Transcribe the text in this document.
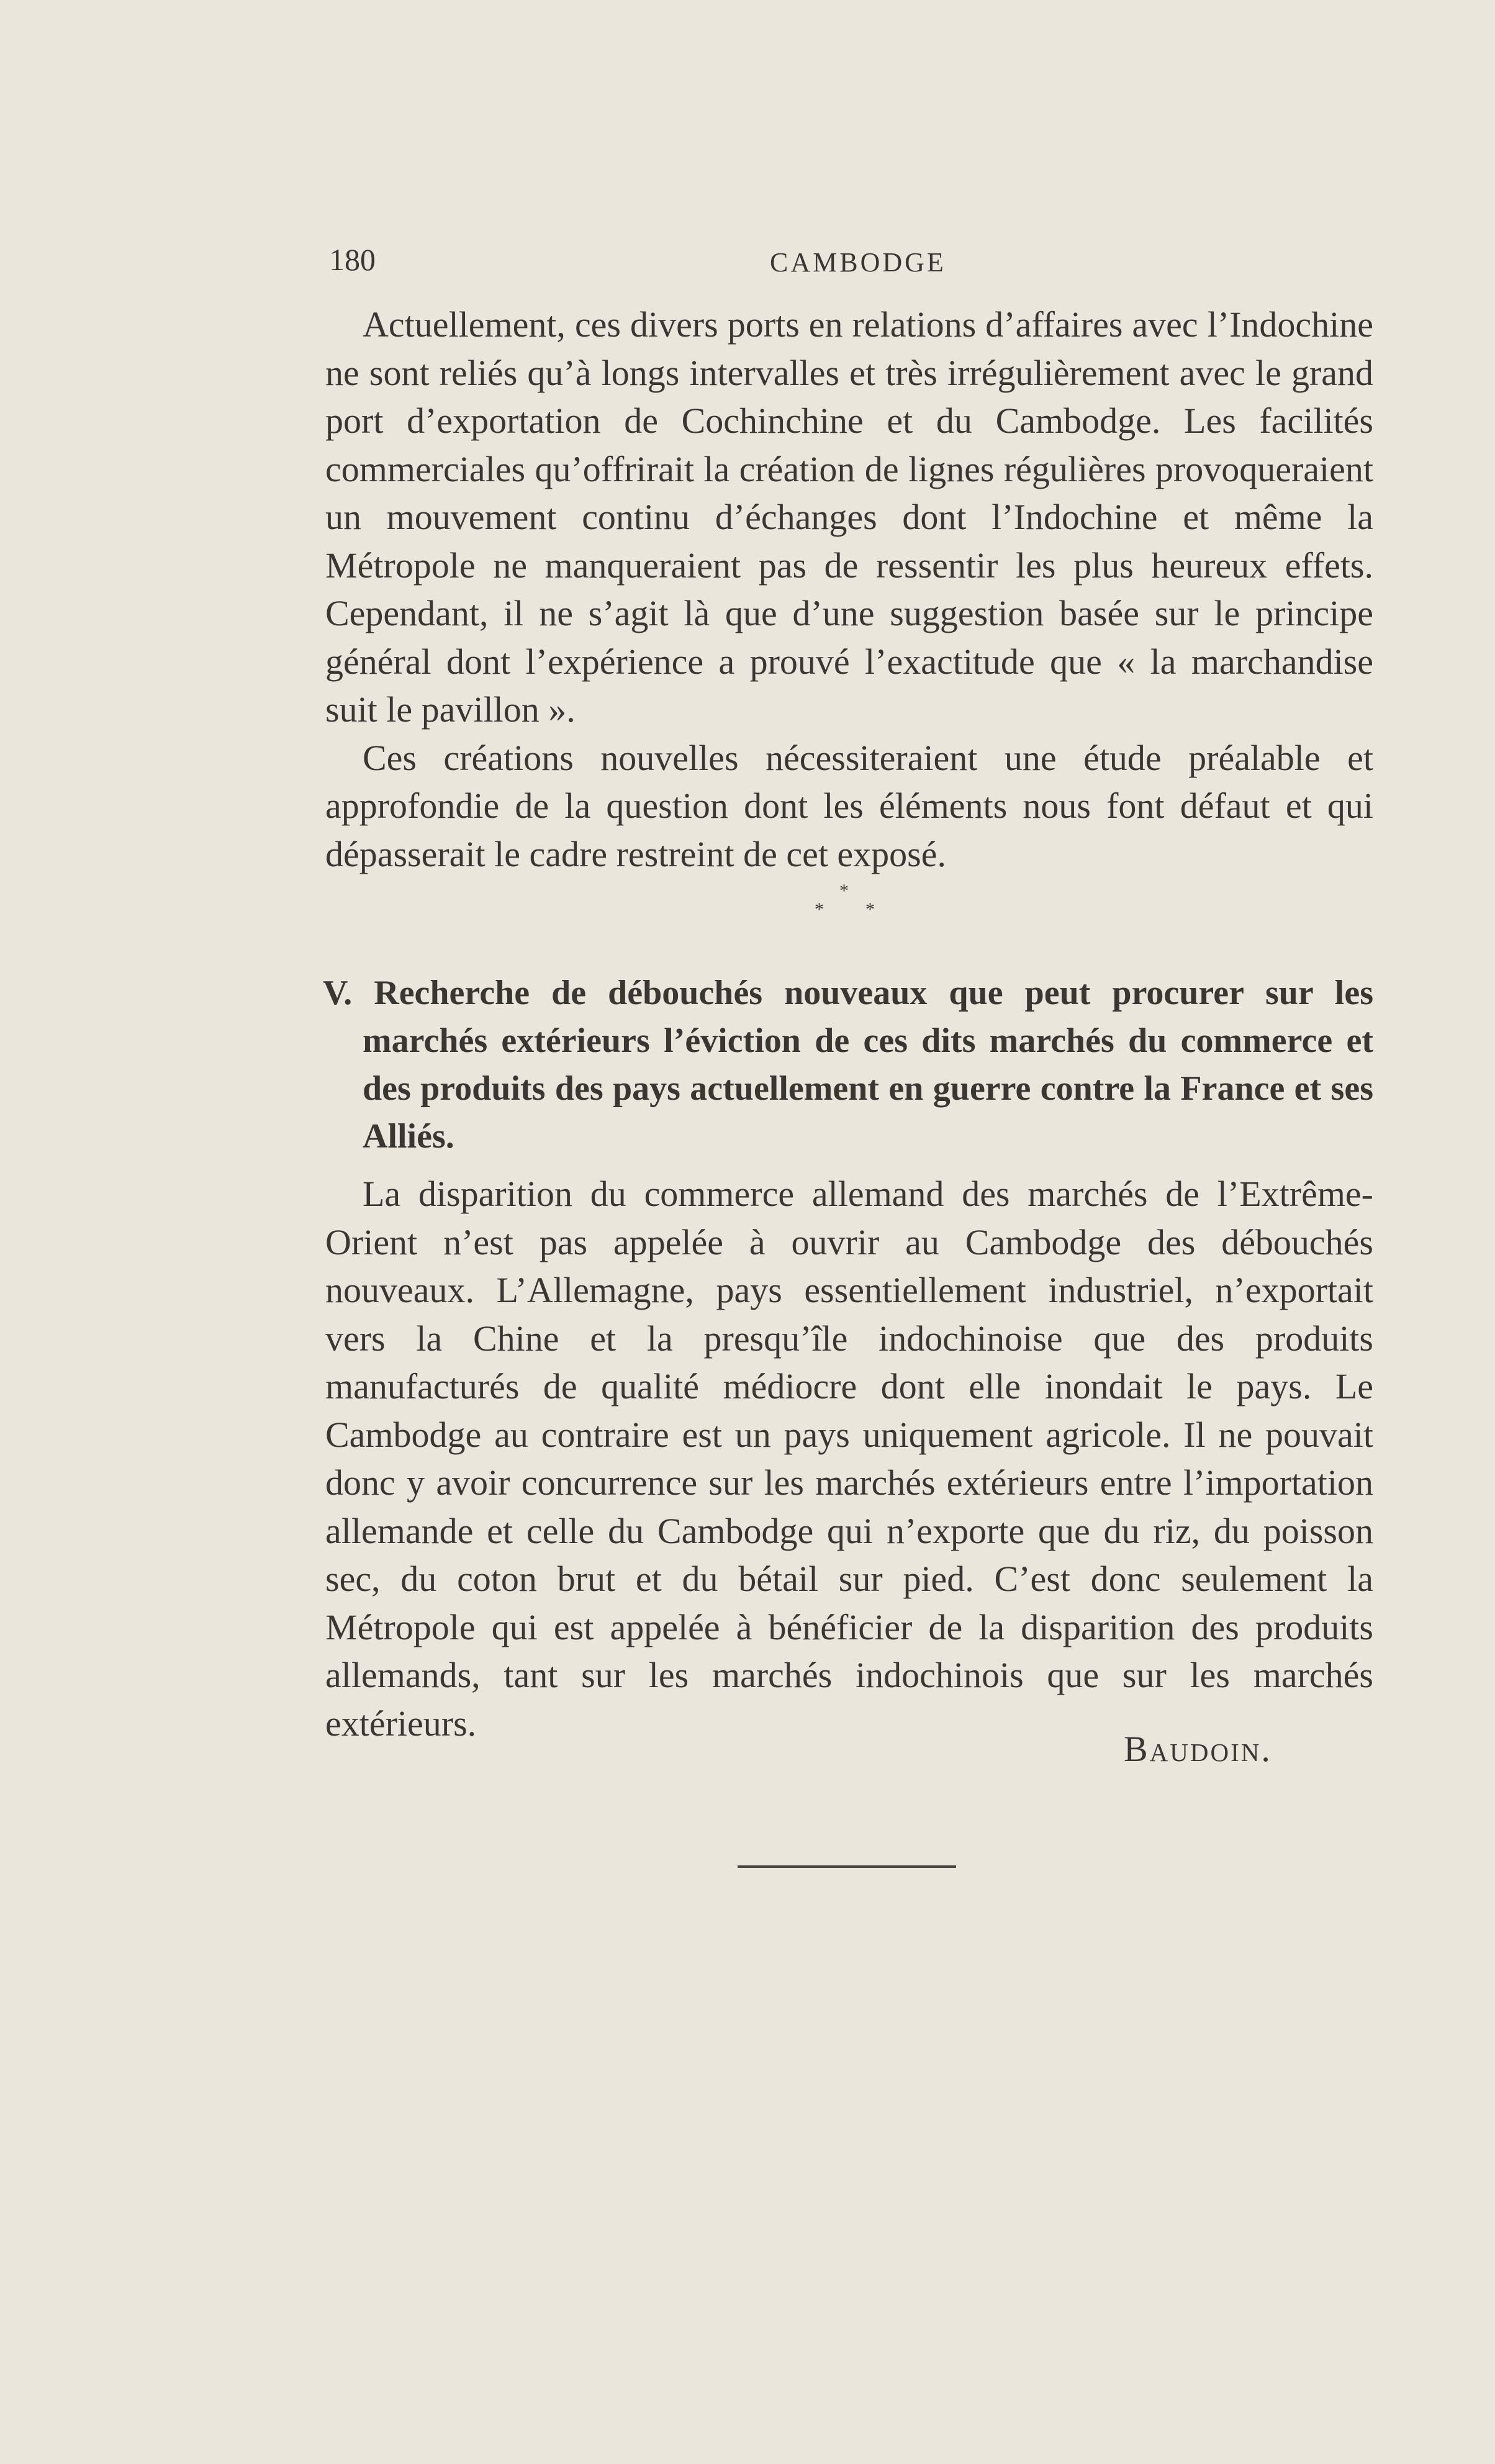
180	CAMBODGE

Actuellement, ces divers ports en relations d’affaires avec l’Indochine ne sont reliés qu’à longs intervalles et très irrégulièrement avec le grand port d’exportation de Cochinchine et du Cambodge. Les facilités commerciales qu’offrirait la création de lignes régulières provoqueraient un mouvement continu d’échanges dont l’Indochine et même la Métropole ne manqueraient pas de ressentir les plus heureux effets. Cependant, il ne s’agit là que d’une suggestion basée sur le principe général dont l’expérience a prouvé l’exactitude que « la marchandise suit le pavillon ».

Ces créations nouvelles nécessiteraient une étude préalable et approfondie de la question dont les éléments nous font défaut et qui dépasserait le cadre restreint de cet exposé.

*
* *

V. Recherche de débouchés nouveaux que peut procurer sur les marchés extérieurs l’éviction de ces dits marchés du commerce et des produits des pays actuellement en guerre contre la France et ses Alliés.

La disparition du commerce allemand des marchés de l’Extrême-Orient n’est pas appelée à ouvrir au Cambodge des débouchés nouveaux. L’Allemagne, pays essentiellement industriel, n’exportait vers la Chine et la presqu’île indochinoise que des produits manufacturés de qualité médiocre dont elle inondait le pays. Le Cambodge au contraire est un pays uniquement agricole. Il ne pouvait donc y avoir concurrence sur les marchés extérieurs entre l’importation allemande et celle du Cambodge qui n’exporte que du riz, du poisson sec, du coton brut et du bétail sur pied. C’est donc seulement la Métropole qui est appelée à bénéficier de la disparition des produits allemands, tant sur les marchés indochinois que sur les marchés extérieurs.

Baudoin.
